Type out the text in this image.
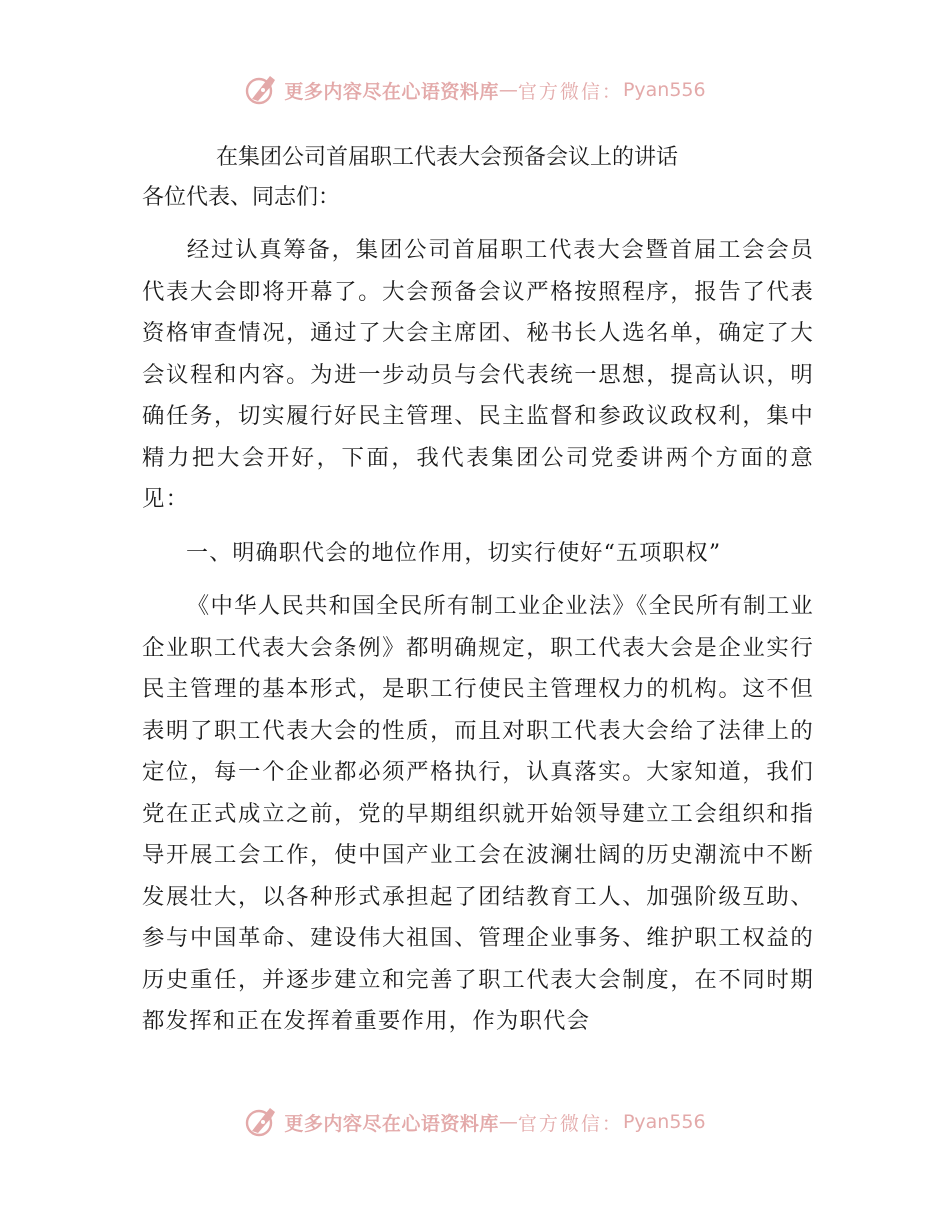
更多内容尽在心语资料库 — 官方微信： Pyan556

在集团公司首届职工代表大会预备会议上的讲话

各位代表、同志们：

经过认真筹备，集团公司首届职工代表大会暨首届工会会员代表大会即将开幕了。大会预备会议严格按照程序，报告了代表资格审查情况，通过了大会主席团、秘书长人选名单，确定了大会议程和内容。为进一步动员与会代表统一思想，提高认识，明确任务，切实履行好民主管理、民主监督和参政议政权利，集中精力把大会开好，下面，我代表集团公司党委讲两个方面的意见：

一、明确职代会的地位作用，切实行使好“五项职权”

《中华人民共和国全民所有制工业企业法》《全民所有制工业企业职工代表大会条例》都明确规定，职工代表大会是企业实行民主管理的基本形式，是职工行使民主管理权力的机构。这不但表明了职工代表大会的性质，而且对职工代表大会给了法律上的定位，每一个企业都必须严格执行，认真落实。大家知道，我们党在正式成立之前，党的早期组织就开始领导建立工会组织和指导开展工会工作，使中国产业工会在波澜壮阔的历史潮流中不断发展壮大，以各种形式承担起了团结教育工人、加强阶级互助、参与中国革命、建设伟大祖国、管理企业事务、维护职工权益的历史重任，并逐步建立和完善了职工代表大会制度，在不同时期都发挥和正在发挥着重要作用，作为职代会

更多内容尽在心语资料库 — 官方微信： Pyan556
